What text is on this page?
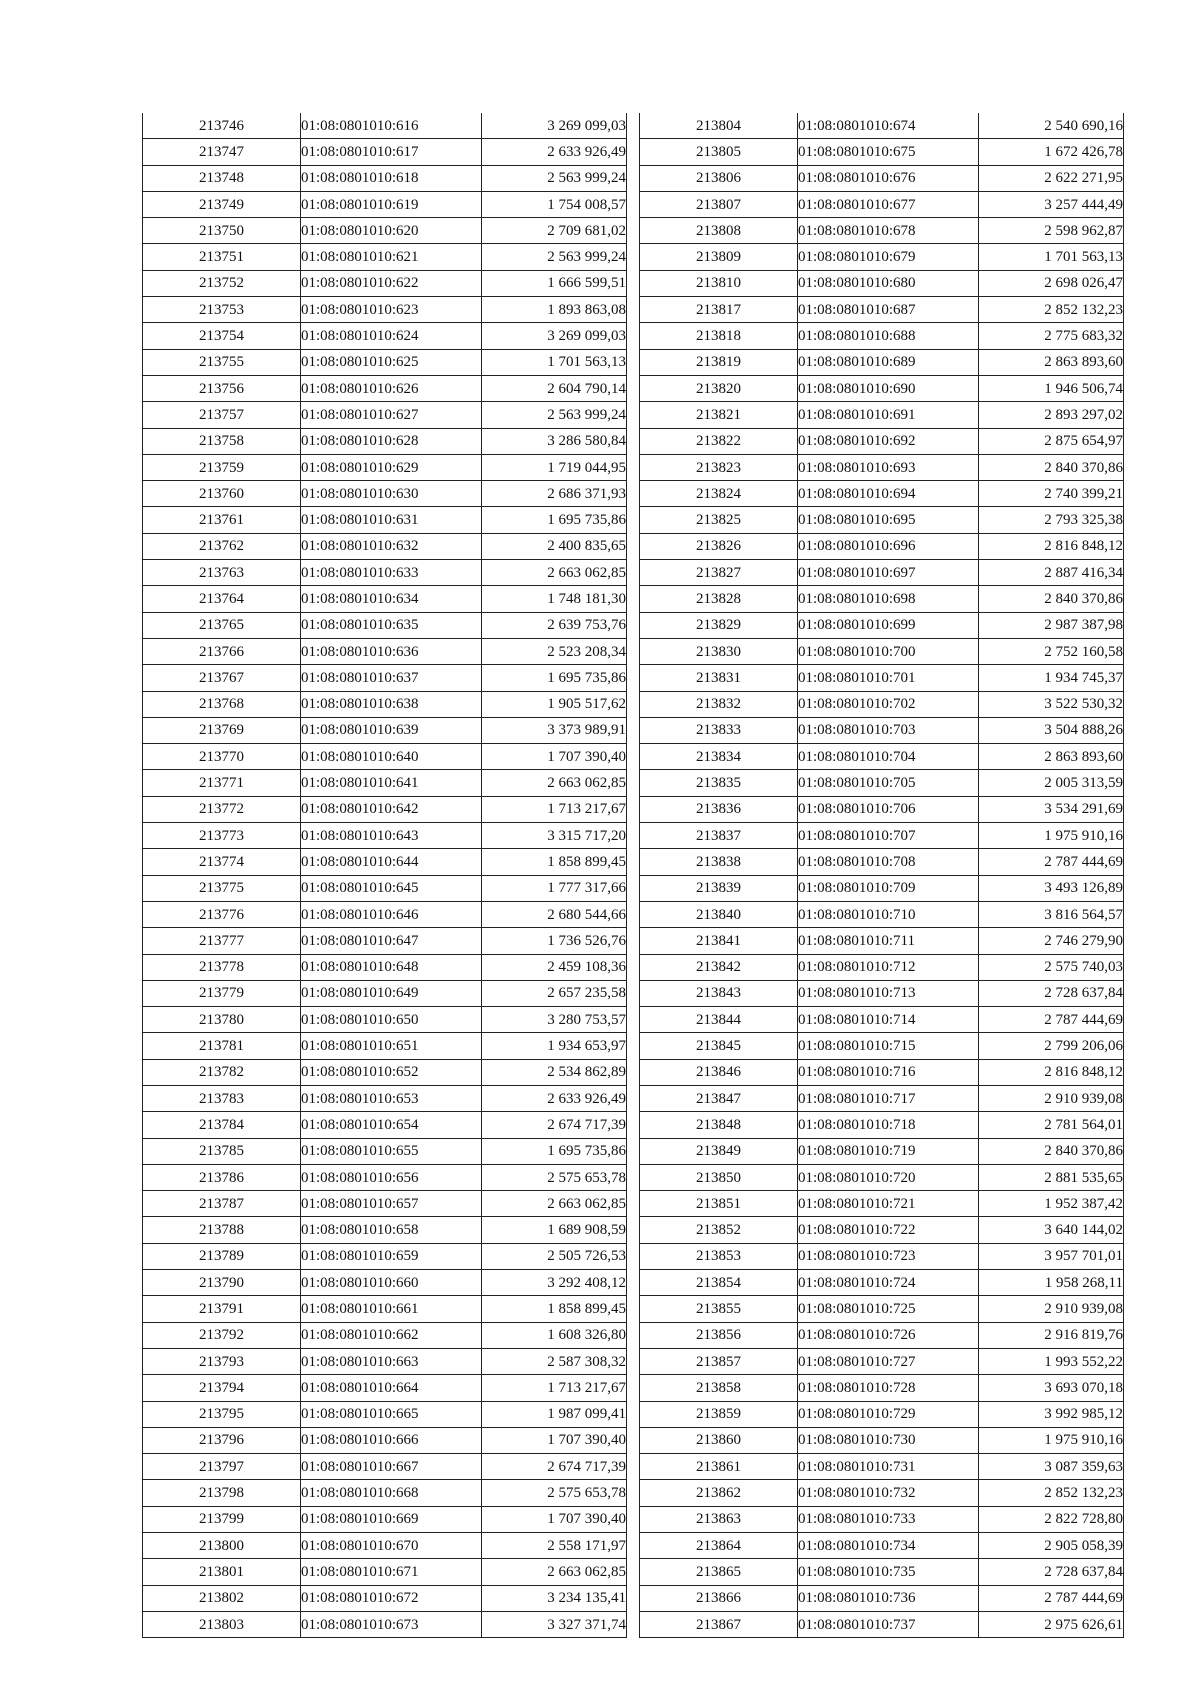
213746	01:08:0801010:616	3 269 099,03
213747	01:08:0801010:617	2 633 926,49
213748	01:08:0801010:618	2 563 999,24
213749	01:08:0801010:619	1 754 008,57
213750	01:08:0801010:620	2 709 681,02
213751	01:08:0801010:621	2 563 999,24
213752	01:08:0801010:622	1 666 599,51
213753	01:08:0801010:623	1 893 863,08
213754	01:08:0801010:624	3 269 099,03
213755	01:08:0801010:625	1 701 563,13
213756	01:08:0801010:626	2 604 790,14
213757	01:08:0801010:627	2 563 999,24
213758	01:08:0801010:628	3 286 580,84
213759	01:08:0801010:629	1 719 044,95
213760	01:08:0801010:630	2 686 371,93
213761	01:08:0801010:631	1 695 735,86
213762	01:08:0801010:632	2 400 835,65
213763	01:08:0801010:633	2 663 062,85
213764	01:08:0801010:634	1 748 181,30
213765	01:08:0801010:635	2 639 753,76
213766	01:08:0801010:636	2 523 208,34
213767	01:08:0801010:637	1 695 735,86
213768	01:08:0801010:638	1 905 517,62
213769	01:08:0801010:639	3 373 989,91
213770	01:08:0801010:640	1 707 390,40
213771	01:08:0801010:641	2 663 062,85
213772	01:08:0801010:642	1 713 217,67
213773	01:08:0801010:643	3 315 717,20
213774	01:08:0801010:644	1 858 899,45
213775	01:08:0801010:645	1 777 317,66
213776	01:08:0801010:646	2 680 544,66
213777	01:08:0801010:647	1 736 526,76
213778	01:08:0801010:648	2 459 108,36
213779	01:08:0801010:649	2 657 235,58
213780	01:08:0801010:650	3 280 753,57
213781	01:08:0801010:651	1 934 653,97
213782	01:08:0801010:652	2 534 862,89
213783	01:08:0801010:653	2 633 926,49
213784	01:08:0801010:654	2 674 717,39
213785	01:08:0801010:655	1 695 735,86
213786	01:08:0801010:656	2 575 653,78
213787	01:08:0801010:657	2 663 062,85
213788	01:08:0801010:658	1 689 908,59
213789	01:08:0801010:659	2 505 726,53
213790	01:08:0801010:660	3 292 408,12
213791	01:08:0801010:661	1 858 899,45
213792	01:08:0801010:662	1 608 326,80
213793	01:08:0801010:663	2 587 308,32
213794	01:08:0801010:664	1 713 217,67
213795	01:08:0801010:665	1 987 099,41
213796	01:08:0801010:666	1 707 390,40
213797	01:08:0801010:667	2 674 717,39
213798	01:08:0801010:668	2 575 653,78
213799	01:08:0801010:669	1 707 390,40
213800	01:08:0801010:670	2 558 171,97
213801	01:08:0801010:671	2 663 062,85
213802	01:08:0801010:672	3 234 135,41
213803	01:08:0801010:673	3 327 371,74
213804	01:08:0801010:674	2 540 690,16
213805	01:08:0801010:675	1 672 426,78
213806	01:08:0801010:676	2 622 271,95
213807	01:08:0801010:677	3 257 444,49
213808	01:08:0801010:678	2 598 962,87
213809	01:08:0801010:679	1 701 563,13
213810	01:08:0801010:680	2 698 026,47
213817	01:08:0801010:687	2 852 132,23
213818	01:08:0801010:688	2 775 683,32
213819	01:08:0801010:689	2 863 893,60
213820	01:08:0801010:690	1 946 506,74
213821	01:08:0801010:691	2 893 297,02
213822	01:08:0801010:692	2 875 654,97
213823	01:08:0801010:693	2 840 370,86
213824	01:08:0801010:694	2 740 399,21
213825	01:08:0801010:695	2 793 325,38
213826	01:08:0801010:696	2 816 848,12
213827	01:08:0801010:697	2 887 416,34
213828	01:08:0801010:698	2 840 370,86
213829	01:08:0801010:699	2 987 387,98
213830	01:08:0801010:700	2 752 160,58
213831	01:08:0801010:701	1 934 745,37
213832	01:08:0801010:702	3 522 530,32
213833	01:08:0801010:703	3 504 888,26
213834	01:08:0801010:704	2 863 893,60
213835	01:08:0801010:705	2 005 313,59
213836	01:08:0801010:706	3 534 291,69
213837	01:08:0801010:707	1 975 910,16
213838	01:08:0801010:708	2 787 444,69
213839	01:08:0801010:709	3 493 126,89
213840	01:08:0801010:710	3 816 564,57
213841	01:08:0801010:711	2 746 279,90
213842	01:08:0801010:712	2 575 740,03
213843	01:08:0801010:713	2 728 637,84
213844	01:08:0801010:714	2 787 444,69
213845	01:08:0801010:715	2 799 206,06
213846	01:08:0801010:716	2 816 848,12
213847	01:08:0801010:717	2 910 939,08
213848	01:08:0801010:718	2 781 564,01
213849	01:08:0801010:719	2 840 370,86
213850	01:08:0801010:720	2 881 535,65
213851	01:08:0801010:721	1 952 387,42
213852	01:08:0801010:722	3 640 144,02
213853	01:08:0801010:723	3 957 701,01
213854	01:08:0801010:724	1 958 268,11
213855	01:08:0801010:725	2 910 939,08
213856	01:08:0801010:726	2 916 819,76
213857	01:08:0801010:727	1 993 552,22
213858	01:08:0801010:728	3 693 070,18
213859	01:08:0801010:729	3 992 985,12
213860	01:08:0801010:730	1 975 910,16
213861	01:08:0801010:731	3 087 359,63
213862	01:08:0801010:732	2 852 132,23
213863	01:08:0801010:733	2 822 728,80
213864	01:08:0801010:734	2 905 058,39
213865	01:08:0801010:735	2 728 637,84
213866	01:08:0801010:736	2 787 444,69
213867	01:08:0801010:737	2 975 626,61
